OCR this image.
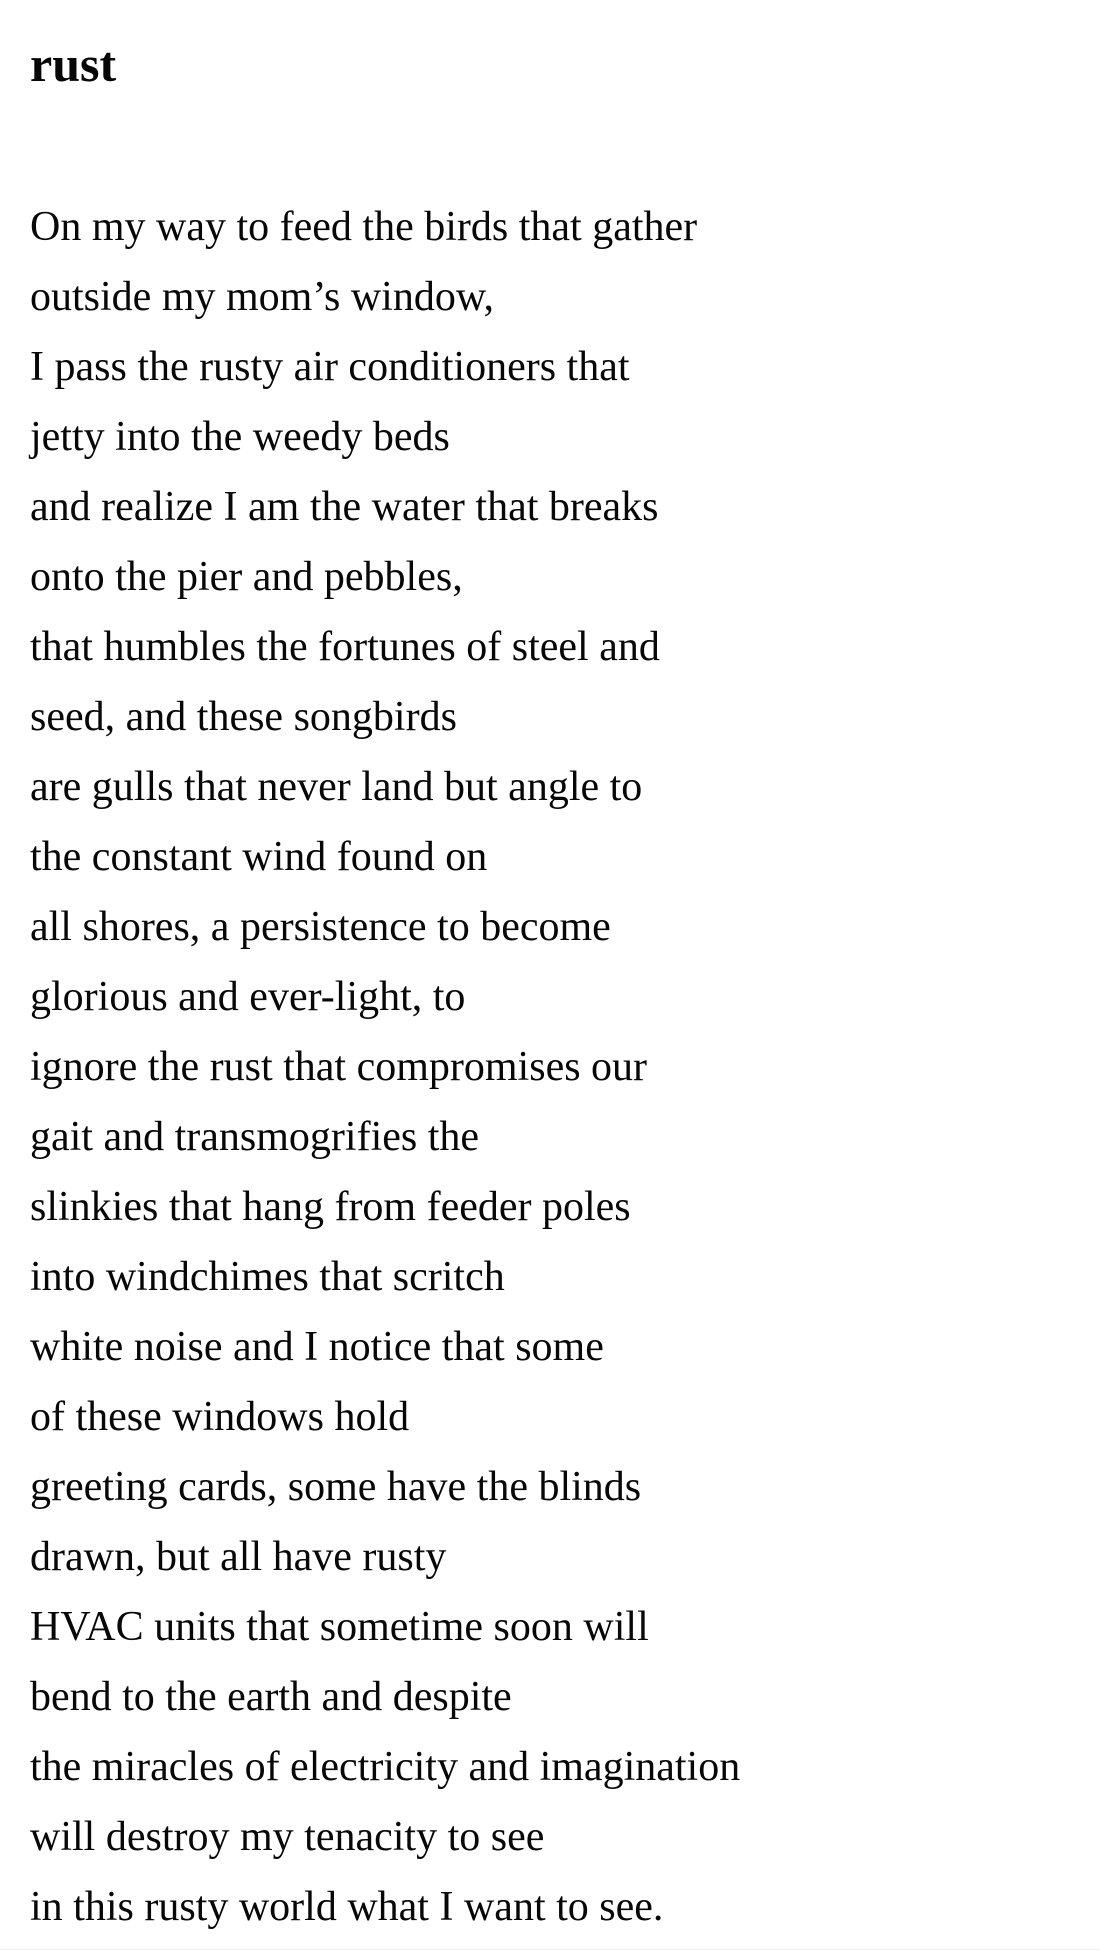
rust
On my way to feed the birds that gather
outside my mom’s window,
I pass the rusty air conditioners that
jetty into the weedy beds
and realize I am the water that breaks
onto the pier and pebbles,
that humbles the fortunes of steel and
seed, and these songbirds
are gulls that never land but angle to
the constant wind found on
all shores, a persistence to become
glorious and ever-light, to
ignore the rust that compromises our
gait and transmogrifies the
slinkies that hang from feeder poles
into windchimes that scritch
white noise and I notice that some
of these windows hold
greeting cards, some have the blinds
drawn, but all have rusty
HVAC units that sometime soon will
bend to the earth and despite
the miracles of electricity and imagination
will destroy my tenacity to see
in this rusty world what I want to see.
